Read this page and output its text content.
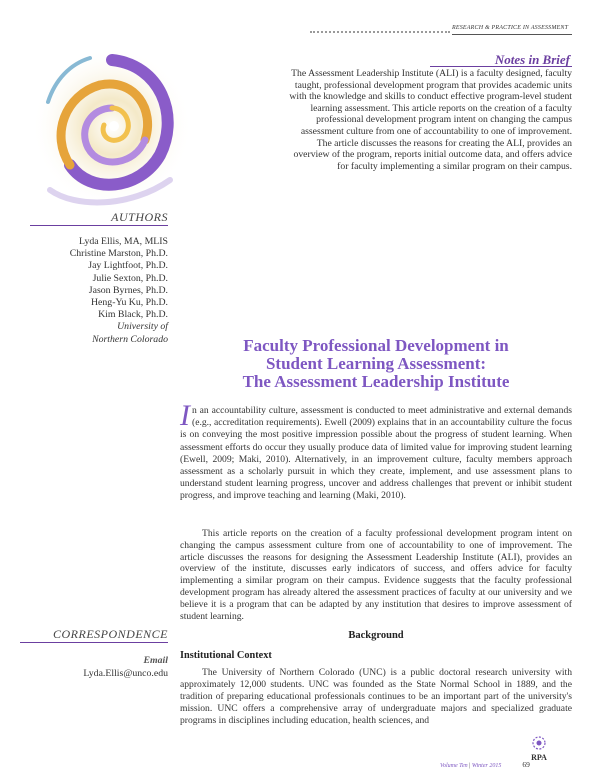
RESEARCH & PRACTICE IN ASSESSMENT
Notes in Brief
The Assessment Leadership Institute (ALI) is a faculty designed, faculty
taught, professional development program that provides academic units
with the knowledge and skills to conduct effective program-level student
learning assessment. This article reports on the creation of a faculty
professional development program intent on changing the campus
assessment culture from one of accountability to one of improvement.
The article discusses the reasons for creating the ALI, provides an
overview of the program, reports initial outcome data, and offers advice
for faculty implementing a similar program on their campus.
AUTHORS
Lyda Ellis, MA, MLIS
Christine Marston, Ph.D.
Jay Lightfoot, Ph.D.
Julie Sexton, Ph.D.
Jason Byrnes, Ph.D.
Heng-Yu Ku, Ph.D.
Kim Black, Ph.D.
University of
Northern Colorado	Faculty Professional Development in
Student Learning Assessment:
The Assessment Leadership Institute
In an accountability culture, assessment is conducted to meet administrative and external demands (e.g., accreditation requirements). Ewell (2009) explains that in an accountability culture the focus is on conveying the most positive impression possible about the progress of student learning. When assessment efforts do occur they usually produce data of limited value for improving student learning (Ewell, 2009; Maki, 2010). Alternatively, in an improvement culture, faculty members approach assessment as a scholarly pursuit in which they create, implement, and use assessment plans to understand student learning progress, uncover and address challenges that prevent or inhibit student progress, and improve teaching and learning (Maki, 2010).
This article reports on the creation of a faculty professional development program intent on changing the campus assessment culture from one of accountability to one of improvement. The article discusses the reasons for designing the Assessment Leadership Institute (ALI), provides an overview of the institute, discusses early indicators of success, and offers advice for faculty implementing a similar program on their campus. Evidence suggests that the faculty professional development program has already altered the assessment practices of faculty at our university and we believe it is a program that can be adapted by any institution that desires to improve assessment of student learning.
Background
Institutional Context
The University of Northern Colorado (UNC) is a public doctoral research university with approximately 12,000 students. UNC was founded as the State Normal School in 1889, and the tradition of preparing educational professionals continues to be an important part of the university's mission. UNC offers a comprehensive array of undergraduate majors and specialized graduate programs in disciplines including education, health sciences, and
CORRESPONDENCE
Email
Lyda.Ellis@unco.edu
RPA
Volume Ten | Winter 2015	69
